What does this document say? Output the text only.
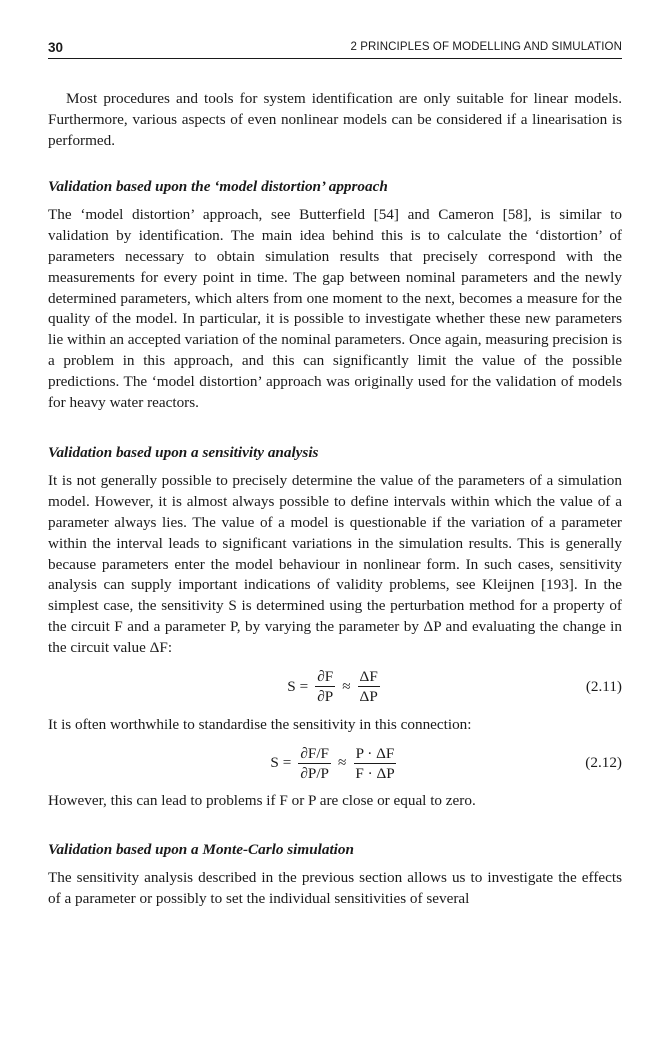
30	2 PRINCIPLES OF MODELLING AND SIMULATION

Most procedures and tools for system identification are only suitable for linear models. Furthermore, various aspects of even nonlinear models can be considered if a linearisation is performed.

Validation based upon the ‘model distortion’ approach

The ‘model distortion’ approach, see Butterfield [54] and Cameron [58], is similar to validation by identification. The main idea behind this is to calculate the ‘distortion’ of parameters necessary to obtain simulation results that precisely correspond with the measurements for every point in time. The gap between nominal parameters and the newly determined parameters, which alters from one moment to the next, becomes a measure for the quality of the model. In particular, it is possible to investigate whether these new parameters lie within an accepted variation of the nominal parameters. Once again, measuring precision is a problem in this approach, and this can significantly limit the value of the possible predictions. The ‘model distortion’ approach was originally used for the validation of models for heavy water reactors.

Validation based upon a sensitivity analysis

It is not generally possible to precisely determine the value of the parameters of a simulation model. However, it is almost always possible to define intervals within which the value of a parameter always lies. The value of a model is questionable if the variation of a parameter within the interval leads to significant variations in the simulation results. This is generally because parameters enter the model behaviour in nonlinear form. In such cases, sensitivity analysis can supply important indications of validity problems, see Kleijnen [193]. In the simplest case, the sensitivity S is determined using the perturbation method for a property of the circuit F and a parameter P, by varying the parameter by ΔP and evaluating the change in the circuit value ΔF:

$S = \frac{\partial F}{\partial P} \approx \frac{\Delta F}{\Delta P}$	(2.11)

It is often worthwhile to standardise the sensitivity in this connection:

$S = \frac{\partial F/F}{\partial P/P} \approx \frac{P \cdot \Delta F}{F \cdot \Delta P}$	(2.12)

However, this can lead to problems if F or P are close or equal to zero.

Validation based upon a Monte-Carlo simulation

The sensitivity analysis described in the previous section allows us to investigate the effects of a parameter or possibly to set the individual sensitivities of several
